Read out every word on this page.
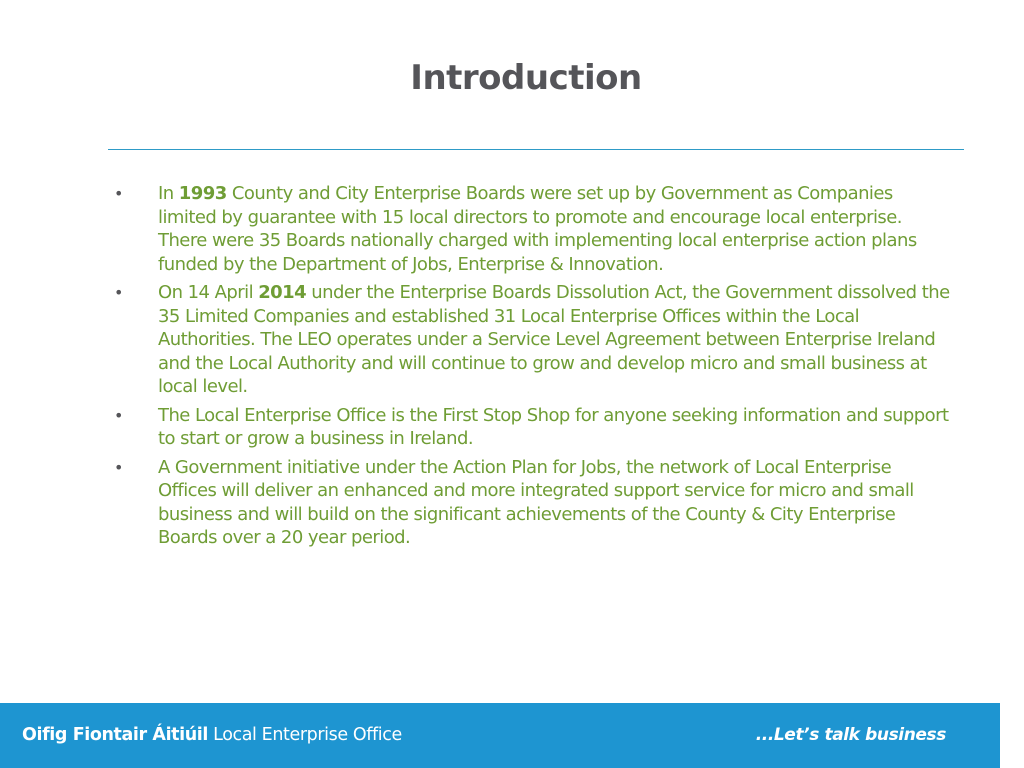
Introduction
• In 1993 County and City Enterprise Boards were set up by Government as Companies limited by guarantee with 15 local directors to promote and encourage local enterprise. There were 35 Boards nationally charged with implementing local enterprise action plans funded by the Department of Jobs, Enterprise & Innovation.
• On 14 April 2014 under the Enterprise Boards Dissolution Act, the Government dissolved the 35 Limited Companies and established 31 Local Enterprise Offices within the Local Authorities. The LEO operates under a Service Level Agreement between Enterprise Ireland and the Local Authority and will continue to grow and develop micro and small business at local level.
• The Local Enterprise Office is the First Stop Shop for anyone seeking information and support to start or grow a business in Ireland.
• A Government initiative under the Action Plan for Jobs, the network of Local Enterprise Offices will deliver an enhanced and more integrated support service for micro and small business and will build on the significant achievements of the County & City Enterprise Boards over a 20 year period.
Oifig Fiontair Áitiúil Local Enterprise Office	...Let’s talk business
